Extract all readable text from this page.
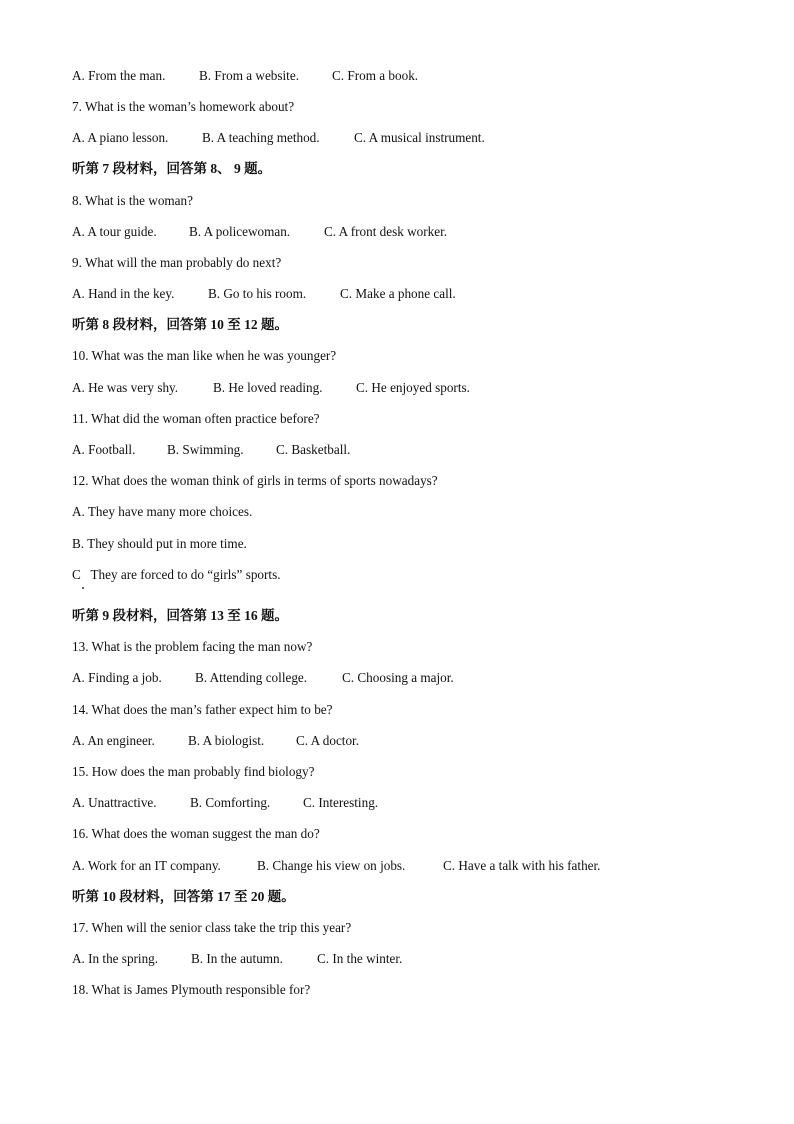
A. From the man.	B. From a website.	C. From a book.
7. What is the woman’s homework about?
A. A piano lesson.	B. A teaching method.	C. A musical instrument.
听第 7 段材料，回答第 8、 9 题。
8. What is the woman?
A. A tour guide. B. A policewoman.	C. A front desk worker.
9. What will the man probably do next?
A. Hand in the key.	B. Go to his room.	C. Make a phone call.
听第 8 段材料，回答第 10 至 12 题。
10. What was the man like when he was younger?
A. He was very shy.	B. He loved reading.	C. He enjoyed sports.
11. What did the woman often practice before?
A. Football. B. Swimming. C. Basketball.
12. What does the woman think of girls in terms of sports nowadays?
A. They have many more choices.
B. They should put in more time.
C   They are forced to do “girls” sports.
听第 9 段材料，回答第 13 至 16 题。
13. What is the problem facing the man now?
A. Finding a job.	B. Attending college.	C. Choosing a major.
14. What does the man’s father expect him to be?
A. An engineer.	B. A biologist. C. A doctor.
15. How does the man probably find biology?
A. Unattractive.	B. Comforting. C. Interesting.
16. What does the woman suggest the man do?
A. Work for an IT company.	B. Change his view on jobs.	C. Have a talk with his father.
听第 10 段材料，回答第 17 至 20 题。
17. When will the senior class take the trip this year?
A. In the spring. B. In the autumn.	C. In the winter.
18. What is James Plymouth responsible for?
